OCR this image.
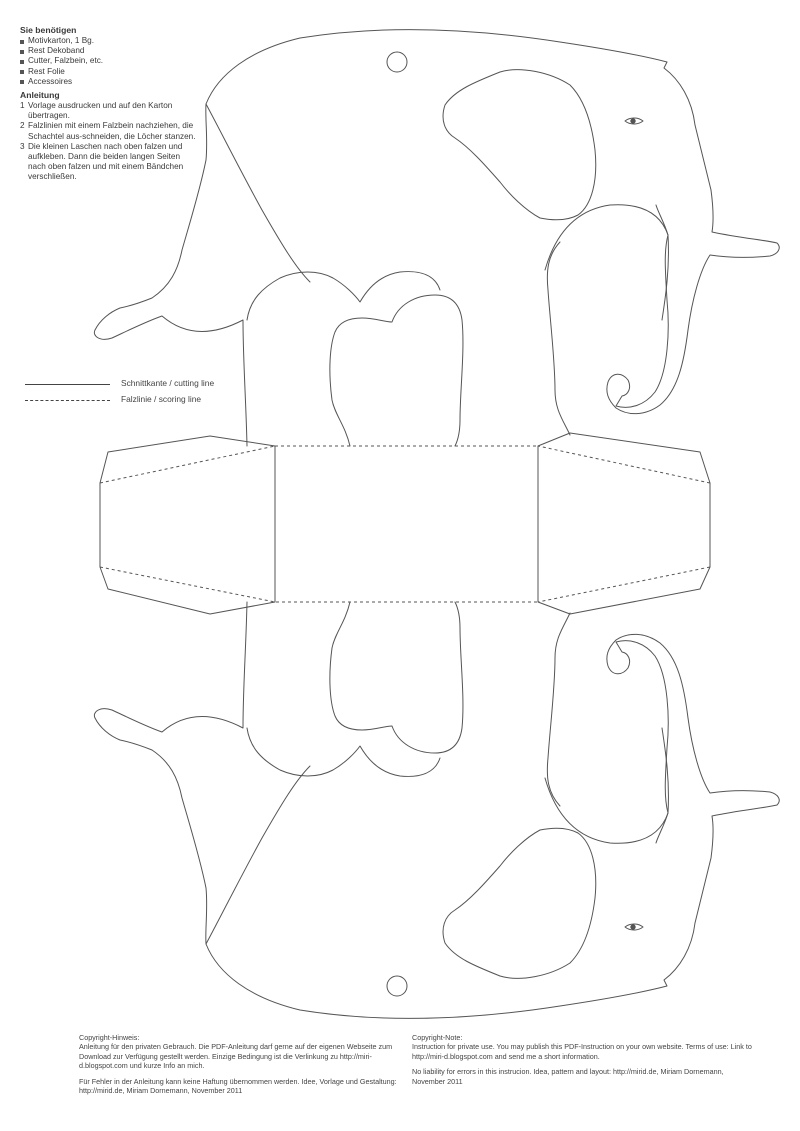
Sie benötigen
Motivkarton, 1 Bg.
Rest Dekoband
Cutter, Falzbein, etc.
Rest Folie
Accessoires
Anleitung
1 Vorlage ausdrucken und auf den Karton übertragen.
2 Falzlinien mit einem Falzbein nachziehen, die Schachtel aus-schneiden, die Löcher stanzen.
3 Die kleinen Laschen nach oben falzen und aufkleben. Dann die beiden langen Seiten nach oben falzen und mit einem Bändchen verschließen.
Schnittkante / cutting line
Falzlinie / scoring line

Copyright-Hinweis:
Anleitung für den privaten Gebrauch. Die PDF-Anleitung darf gerne auf der eigenen Webseite zum Download zur Verfügung gestellt werden. Einzige Bedingung ist die Verlinkung zu http://miri-d.blogspot.com und kurze Info an mich.

Für Fehler in der Anleitung kann keine Haftung übernommen werden. Idee, Vorlage und Gestaltung: http://mirid.de, Miriam Dornemann, November 2011

Copyright-Note:
Instruction for private use. You may publish this PDF-Instruction on your own website. Terms of use: Link to http://miri-d.blogspot.com and send me a short information.

No liability for errors in this instrucion. Idea, pattern and layout: http://mirid.de, Miriam Dornemann, November 2011
